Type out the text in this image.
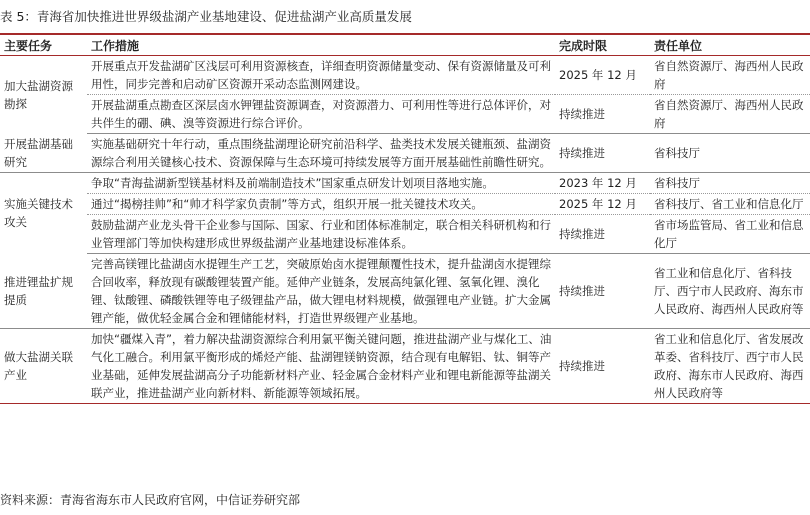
表 5：青海省加快推进世界级盐湖产业基地建设、促进盐湖产业高质量发展
主要任务	工作措施	完成时限	责任单位
加大盐湖资源勘探	开展重点开发盐湖矿区浅层可利用资源核查，详细查明资源储量变动、保有资源储量及可利用性，同步完善和启动矿区资源开采动态监测网建设。	2025 年 12 月	省自然资源厅、海西州人民政府
	开展盐湖重点勘查区深层卤水钾锂盐资源调查，对资源潜力、可利用性等进行总体评价，对共伴生的硼、碘、溴等资源进行综合评价。	持续推进	省自然资源厅、海西州人民政府
开展盐湖基础研究	实施基础研究十年行动，重点围绕盐湖理论研究前沿科学、盐类技术发展关键瓶颈、盐湖资源综合利用关键核心技术、资源保障与生态环境可持续发展等方面开展基础性前瞻性研究。	持续推进	省科技厅
实施关键技术攻关	争取“青海盐湖新型镁基材料及前端制造技术”国家重点研发计划项目落地实施。	2023 年 12 月	省科技厅
	通过“揭榜挂帅”和“帅才科学家负责制”等方式，组织开展一批关键技术攻关。	2025 年 12 月	省科技厅、省工业和信息化厅
	鼓励盐湖产业龙头骨干企业参与国际、国家、行业和团体标准制定，联合相关科研机构和行业管理部门等加快构建形成世界级盐湖产业基地建设标准体系。	持续推进	省市场监管局、省工业和信息化厅
推进锂盐扩规提质	完善高镁锂比盐湖卤水提锂生产工艺，突破原始卤水提锂颠覆性技术，提升盐湖卤水提锂综合回收率，释放现有碳酸锂装置产能。延伸产业链条，发展高纯氯化锂、氢氧化锂、溴化锂、钛酸锂、磷酸铁锂等电子级锂盐产品，做大锂电材料规模，做强锂电产业链。扩大金属锂产能，做优轻金属合金和锂储能材料，打造世界级锂产业基地。	持续推进	省工业和信息化厅、省科技厅、西宁市人民政府、海东市人民政府、海西州人民政府等
做大盐湖关联产业	加快“疆煤入青”，着力解决盐湖资源综合利用氯平衡关键问题，推进盐湖产业与煤化工、油气化工融合。利用氯平衡形成的烯烃产能、盐湖锂镁钠资源，结合现有电解铝、钛、铜等产业基础，延伸发展盐湖高分子功能新材料产业、轻金属合金材料产业和锂电新能源等盐湖关联产业，推进盐湖产业向新材料、新能源等领域拓展。	持续推进	省工业和信息化厅、省发展改革委、省科技厅、西宁市人民政府、海东市人民政府、海西州人民政府等
资料来源：青海省海东市人民政府官网，中信证券研究部
